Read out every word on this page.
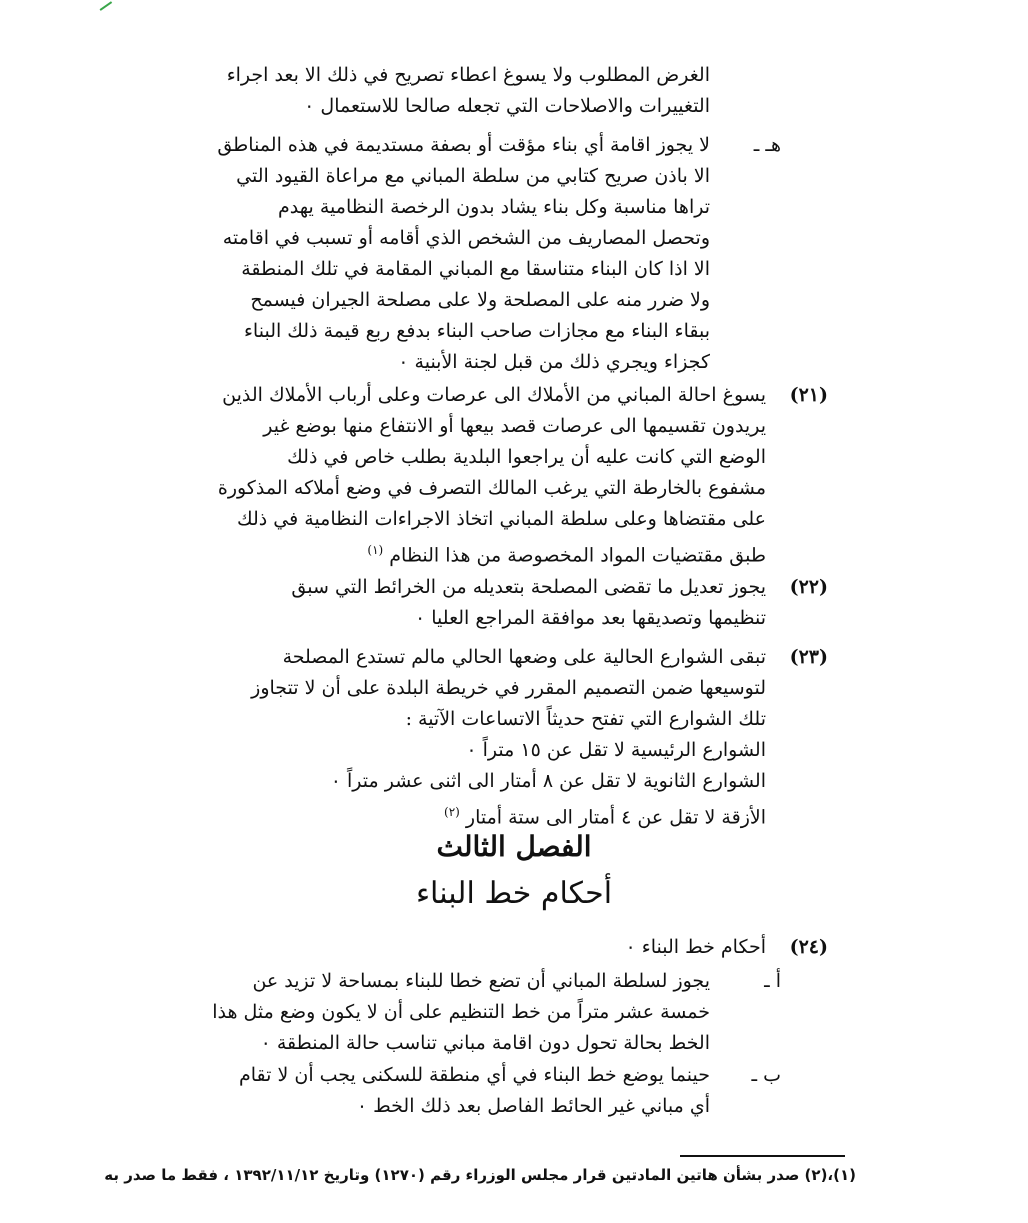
الغرض المطلوب ولا يسوغ اعطاء تصريح في ذلك الا بعد اجراء
التغييرات والاصلاحات التي تجعله صالحا للاستعمال ٠
هـ ـ
لا يجوز اقامة أي بناء مؤقت أو بصفة مستديمة في هذه المناطق
الا باذن صريح كتابي من سلطة المباني مع مراعاة القيود التي
تراها مناسبة وكل بناء يشاد بدون الرخصة النظامية يهدم
وتحصل المصاريف من الشخص الذي أقامه أو تسبب في اقامته
الا اذا كان البناء متناسقا مع المباني المقامة في تلك المنطقة
ولا ضرر منه على المصلحة ولا على مصلحة الجيران فيسمح
ببقاء البناء مع مجازات صاحب البناء بدفع ربع قيمة ذلك البناء
كجزاء ويجري ذلك من قبل لجنة الأبنية ٠
(٢١)
يسوغ احالة المباني من الأملاك الى عرصات وعلى أرباب الأملاك الذين
يريدون تقسيمها الى عرصات قصد بيعها أو الانتفاع منها بوضع غير
الوضع التي كانت عليه أن يراجعوا البلدية بطلب خاص في ذلك
مشفوع بالخارطة التي يرغب المالك التصرف في وضع أملاكه المذكورة
على مقتضاها وعلى سلطة المباني اتخاذ الاجراءات النظامية في ذلك
طبق مقتضيات المواد المخصوصة من هذا النظام $^{(١)}$
(٢٢)
يجوز تعديل ما تقضى المصلحة بتعديله من الخرائط التي سبق
تنظيمها وتصديقها بعد موافقة المراجع العليا ٠
(٢٣)
تبقى الشوارع الحالية على وضعها الحالي مالم تستدع المصلحة
لتوسيعها ضمن التصميم المقرر في خريطة البلدة على أن لا تتجاوز
تلك الشوارع التي تفتح حديثاً الاتساعات الآتية :
الشوارع الرئيسية لا تقل عن ١٥ متراً ٠
الشوارع الثانوية لا تقل عن ٨ أمتار الى اثنى عشر متراً ٠
الأزقة لا تقل عن ٤ أمتار الى ستة أمتار $^{(٢)}$
الفصل الثالث
أحكام خط البناء
(٢٤)
أحكام خط البناء ٠
أ ـ
يجوز لسلطة المباني أن تضع خطا للبناء بمساحة لا تزيد عن
خمسة عشر متراً من خط التنظيم على أن لا يكون وضع مثل هذا
الخط بحالة تحول دون اقامة مباني تناسب حالة المنطقة ٠
ب ـ
حينما يوضع خط البناء في أي منطقة للسكنى يجب أن لا تقام
أي مباني غير الحائط الفاصل بعد ذلك الخط ٠
(١)،(٢) صدر بشأن هاتين المادتين قرار مجلس الوزراء رقم (١٢٧٠) وتاريخ ١٣٩٢/١١/١٢ ، فقط ما صدر به
